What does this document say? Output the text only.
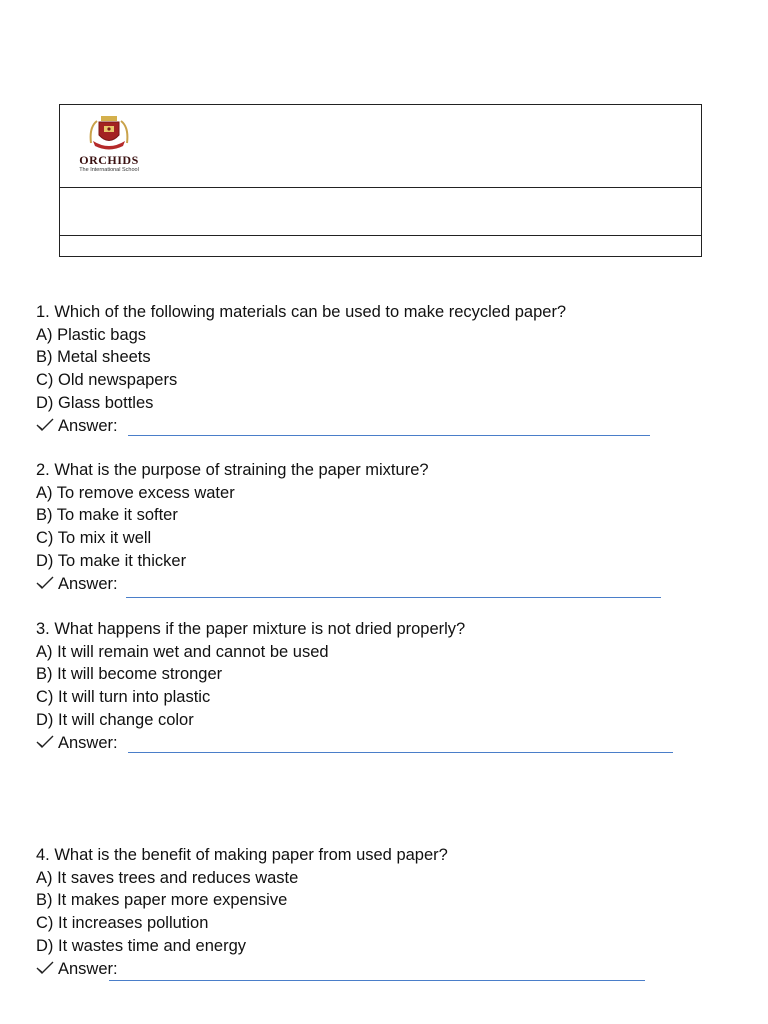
ORCHIDS
The International School
1. Which of the following materials can be used to make recycled paper?
A) Plastic bags
B) Metal sheets
C) Old newspapers
D) Glass bottles
Answer:
2. What is the purpose of straining the paper mixture?
A) To remove excess water
B) To make it softer
C) To mix it well
D) To make it thicker
Answer:
3. What happens if the paper mixture is not dried properly?
A) It will remain wet and cannot be used
B) It will become stronger
C) It will turn into plastic
D) It will change color
Answer:
4. What is the benefit of making paper from used paper?
A) It saves trees and reduces waste
B) It makes paper more expensive
C) It increases pollution
D) It wastes time and energy
Answer:
